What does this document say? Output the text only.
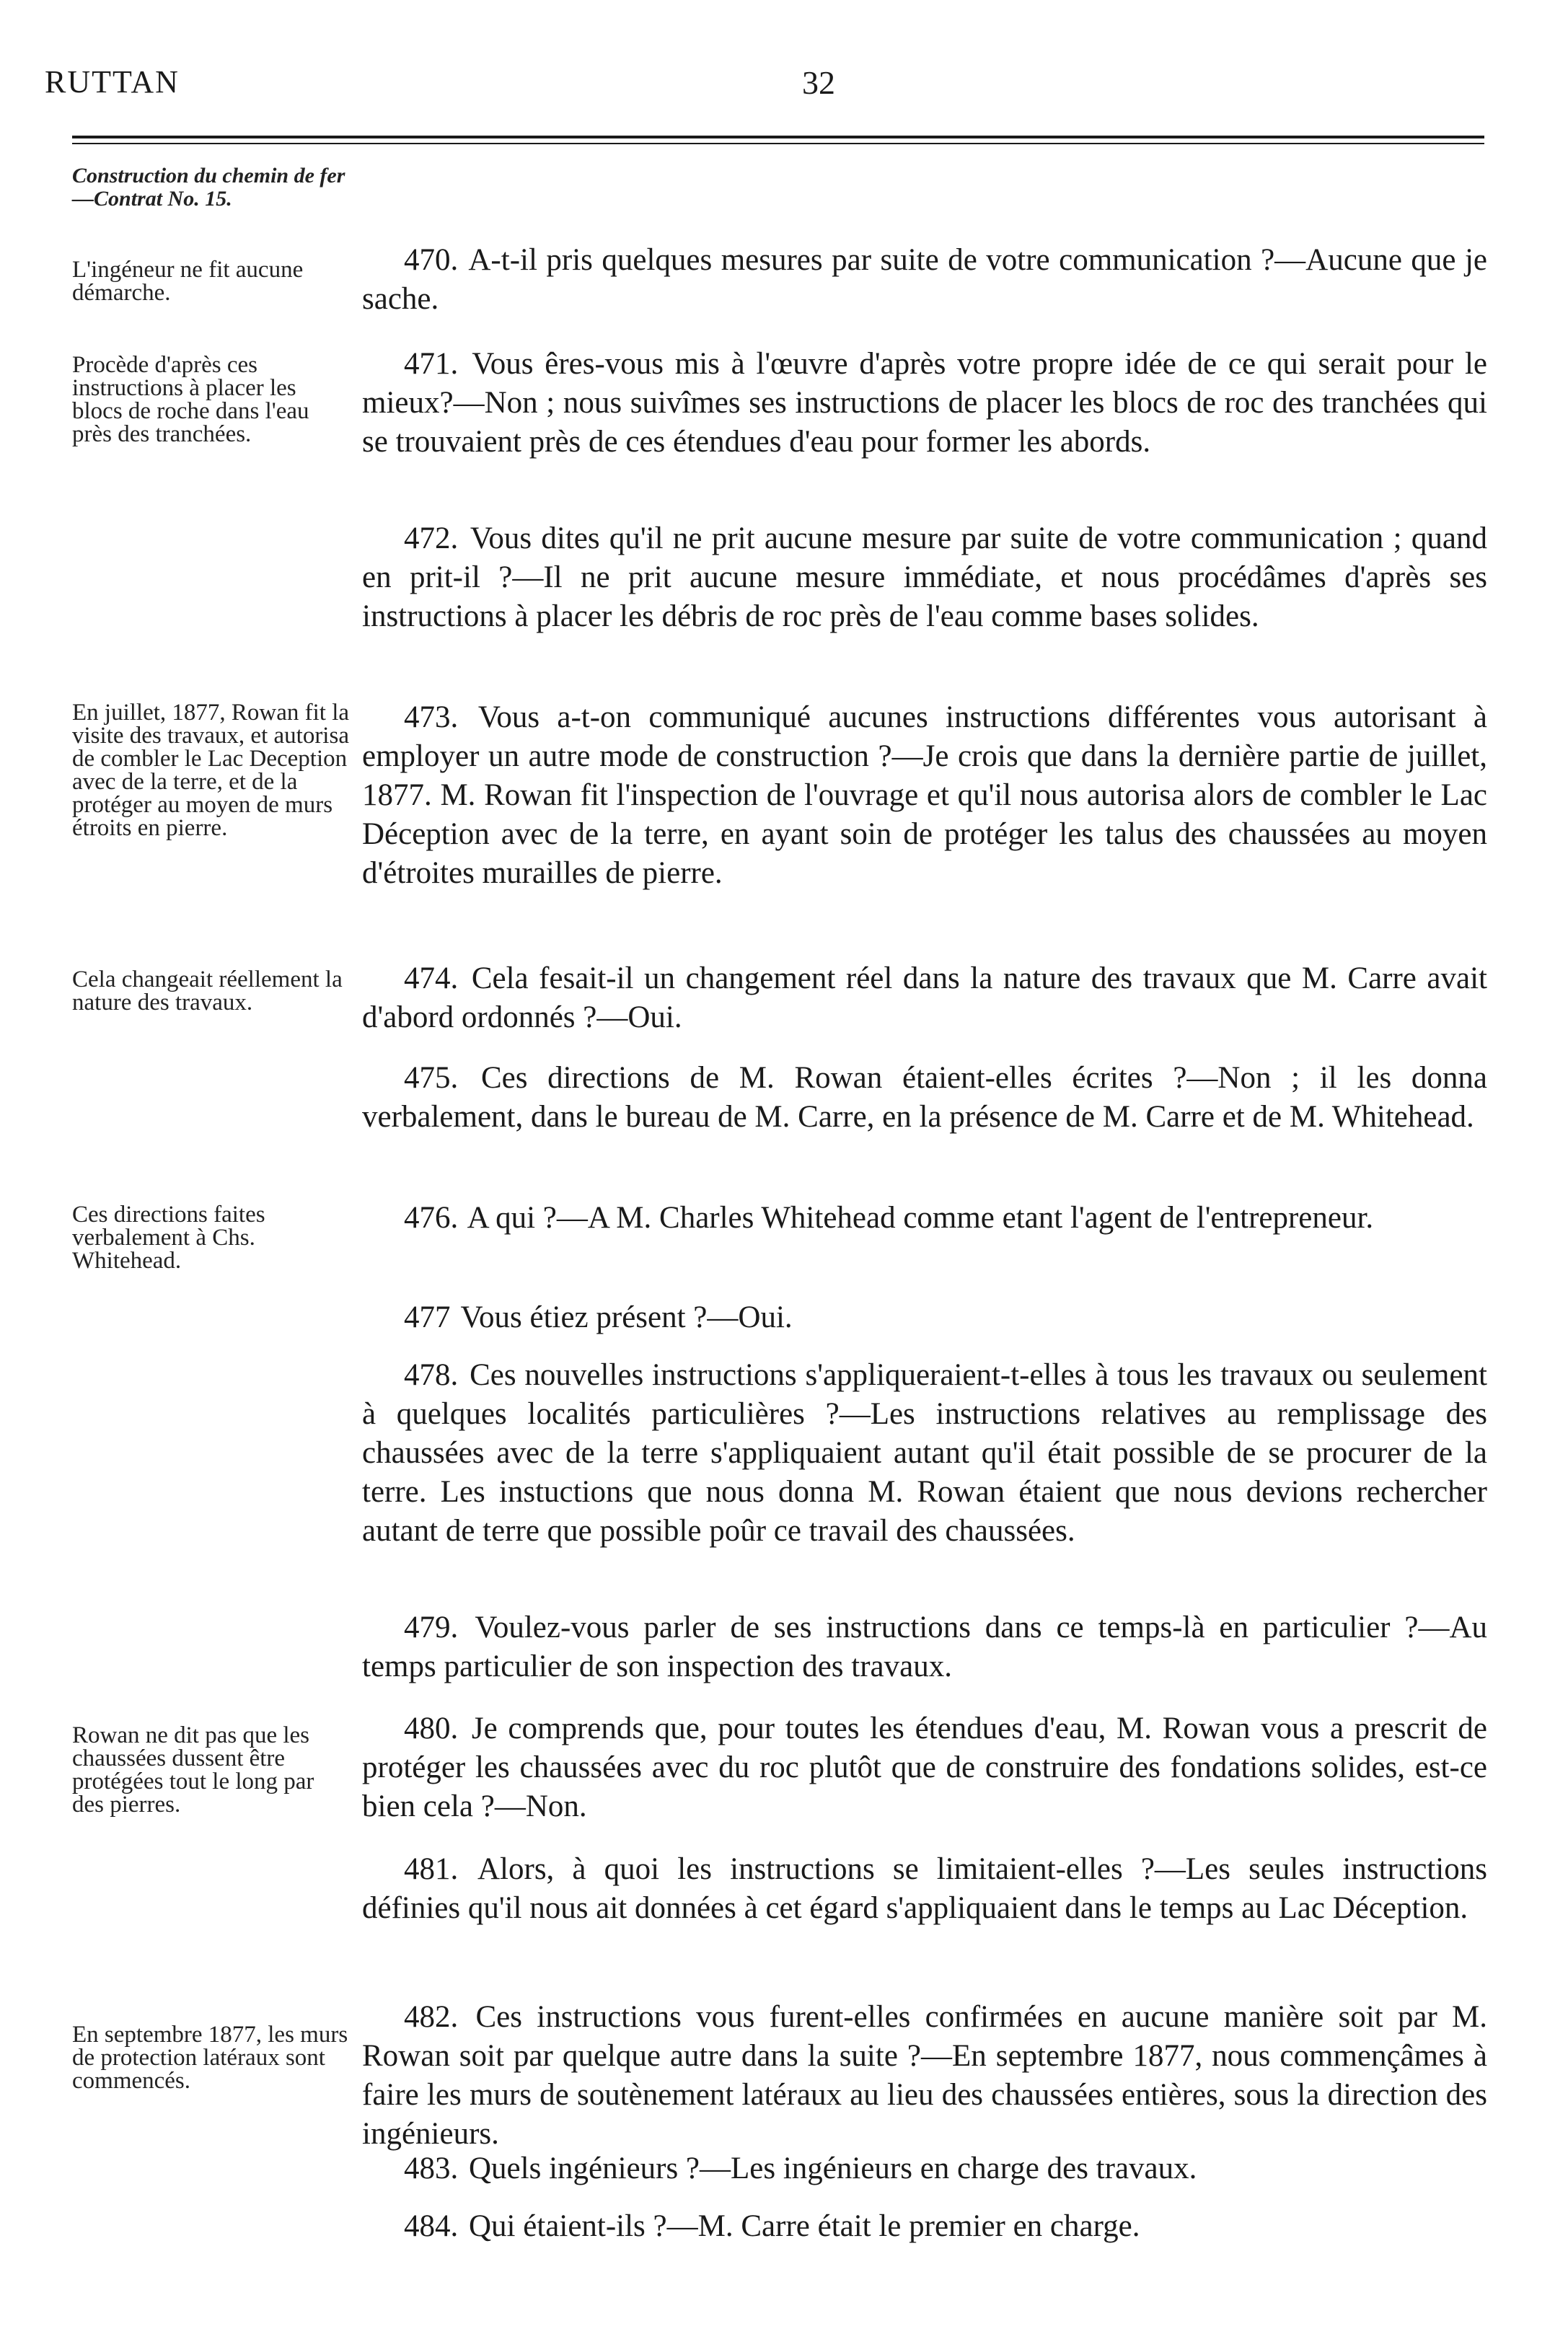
RUTTAN	32
Construction du chemin de fer—Contrat No. 15.
L'ingéneur ne fit aucune démarche.
Procède d'après ces instructions à placer les blocs de roche dans l'eau près des tranchées.
En juillet, 1877, Rowan fit la visite des travaux, et autorisa de combler le Lac Deception avec de la terre, et de la protéger au moyen de murs étroits en pierre.
Cela changeait réellement la nature des travaux.
Ces directions faites verbalement à Chs. Whitehead.
Rowan ne dit pas que les chaussées dussent être protégées tout le long par des pierres.
En septembre 1877, les murs de protection latéraux sont commencés.
470. A-t-il pris quelques mesures par suite de votre communication ?—Aucune que je sache.
471. Vous êres-vous mis à l'œuvre d'après votre propre idée de ce qui serait pour le mieux?—Non ; nous suivîmes ses instructions de placer les blocs de roc des tranchées qui se trouvaient près de ces étendues d'eau pour former les abords.
472. Vous dites qu'il ne prit aucune mesure par suite de votre communication ; quand en prit-il ?—Il ne prit aucune mesure immédiate, et nous procédâmes d'après ses instructions à placer les débris de roc près de l'eau comme bases solides.
473. Vous a-t-on communiqué aucunes instructions différentes vous autorisant à employer un autre mode de construction ?—Je crois que dans la dernière partie de juillet, 1877. M. Rowan fit l'inspection de l'ouvrage et qu'il nous autorisa alors de combler le Lac Déception avec de la terre, en ayant soin de protéger les talus des chaussées au moyen d'étroites murailles de pierre.
474. Cela fesait-il un changement réel dans la nature des travaux que M. Carre avait d'abord ordonnés ?—Oui.
475. Ces directions de M. Rowan étaient-elles écrites ?—Non ; il les donna verbalement, dans le bureau de M. Carre, en la présence de M. Carre et de M. Whitehead.
476. A qui ?—A M. Charles Whitehead comme etant l'agent de l'entrepreneur.
477 Vous étiez présent ?—Oui.
478. Ces nouvelles instructions s'appliqueraient-t-elles à tous les travaux ou seulement à quelques localités particulières ?—Les instructions relatives au remplissage des chaussées avec de la terre s'appliquaient autant qu'il était possible de se procurer de la terre. Les instuctions que nous donna M. Rowan étaient que nous devions rechercher autant de terre que possible poûr ce travail des chaussées.
479. Voulez-vous parler de ses instructions dans ce temps-là en particulier ?—Au temps particulier de son inspection des travaux.
480. Je comprends que, pour toutes les étendues d'eau, M. Rowan vous a prescrit de protéger les chaussées avec du roc plutôt que de construire des fondations solides, est-ce bien cela ?—Non.
481. Alors, à quoi les instructions se limitaient-elles ?—Les seules instructions définies qu'il nous ait données à cet égard s'appliquaient dans le temps au Lac Déception.
482. Ces instructions vous furent-elles confirmées en aucune manière soit par M. Rowan soit par quelque autre dans la suite ?—En septembre 1877, nous commençâmes à faire les murs de soutènement latéraux au lieu des chaussées entières, sous la direction des ingénieurs.
483. Quels ingénieurs ?—Les ingénieurs en charge des travaux.
484. Qui étaient-ils ?—M. Carre était le premier en charge.
